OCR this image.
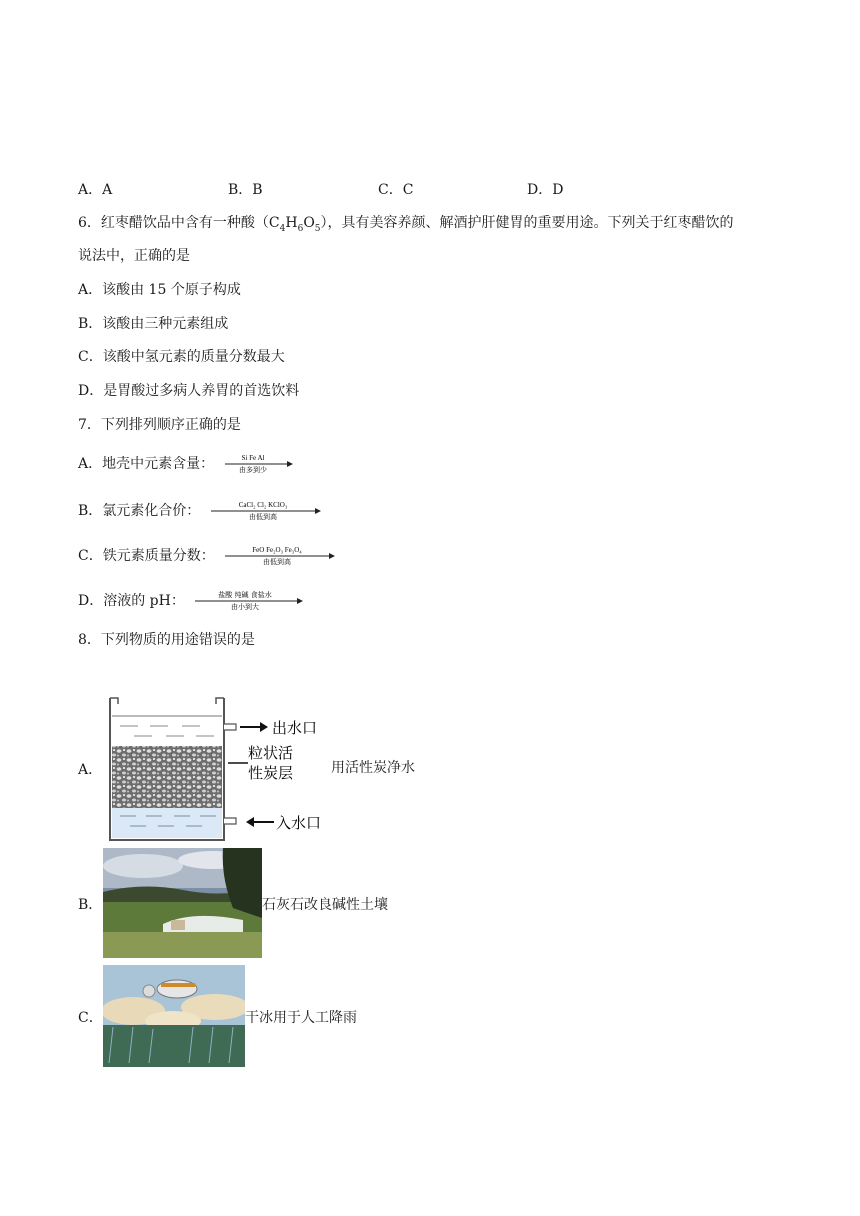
A．A	B．B	C．C	D．D
6．红枣醋饮品中含有一种酸$(C_4H_6O_5)$，具有美容养颜、解酒护肝健胃的重要用途。下列关于红枣醋饮的
说法中，正确的是
A．该酸由 15 个原子构成
B．该酸由三种元素组成
C．该酸中氢元素的质量分数最大
D．是胃酸过多病人养胃的首选饮料
7．下列排列顺序正确的是
A．地壳中元素含量：	Si Fe Al
由多到少
B．氯元素化合价：	CaCl₂ Cl₂ KClO₃
由低到高
C．铁元素质量分数：	FeO Fe₂O₃ Fe₃O₄
由低到高
D．溶液的 pH：	盐酸 纯碱 食盐水
由小到大
8．下列物质的用途错误的是
A．
出水口
粒状活
性炭层
入水口
用活性炭净水
B．	石灰石改良碱性土壤
C．	干冰用于人工降雨
